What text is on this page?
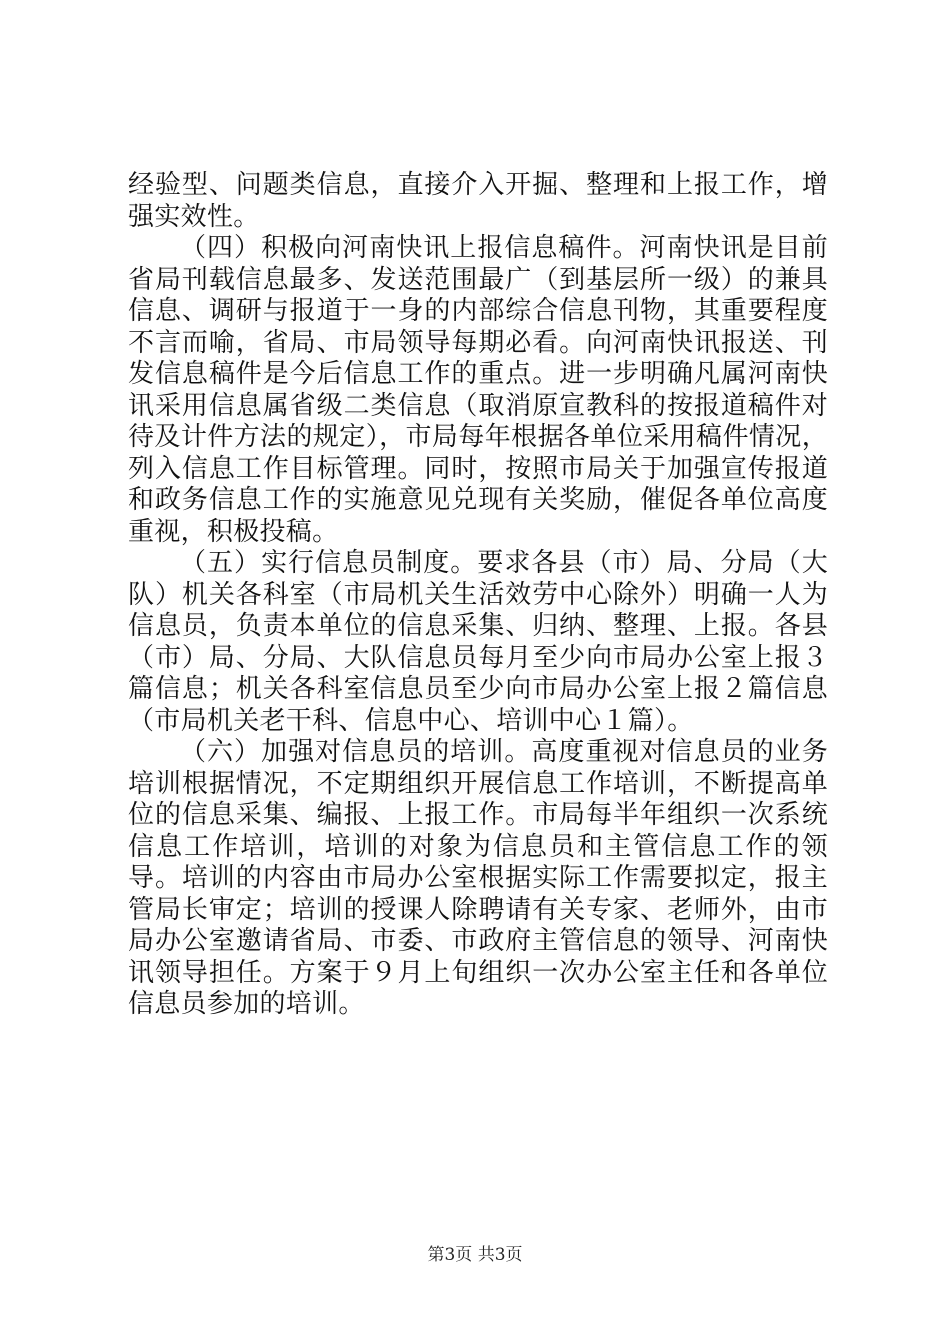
经验型、问题类信息，直接介入开掘、整理和上报工作，增强实效性。

（四）积极向河南快讯上报信息稿件。河南快讯是目前省局刊载信息最多、发送范围最广（到基层所一级）的兼具信息、调研与报道于一身的内部综合信息刊物，其重要程度不言而喻，省局、市局领导每期必看。向河南快讯报送、刊发信息稿件是今后信息工作的重点。进一步明确凡属河南快讯采用信息属省级二类信息（取消原宣教科的按报道稿件对待及计件方法的规定），市局每年根据各单位采用稿件情况，列入信息工作目标管理。同时，按照市局关于加强宣传报道和政务信息工作的实施意见兑现有关奖励，催促各单位高度重视，积极投稿。

（五）实行信息员制度。要求各县（市）局、分局（大队）机关各科室（市局机关生活效劳中心除外）明确一人为信息员，负责本单位的信息采集、归纳、整理、上报。各县（市）局、分局、大队信息员每月至少向市局办公室上报３篇信息；机关各科室信息员至少向市局办公室上报２篇信息（市局机关老干科、信息中心、培训中心１篇）。

（六）加强对信息员的培训。高度重视对信息员的业务培训根据情况，不定期组织开展信息工作培训，不断提高单位的信息采集、编报、上报工作。市局每半年组织一次系统信息工作培训，培训的对象为信息员和主管信息工作的领导。培训的内容由市局办公室根据实际工作需要拟定，报主管局长审定；培训的授课人除聘请有关专家、老师外，由市局办公室邀请省局、市委、市政府主管信息的领导、河南快讯领导担任。方案于９月上旬组织一次办公室主任和各单位信息员参加的培训。

第3页 共3页
